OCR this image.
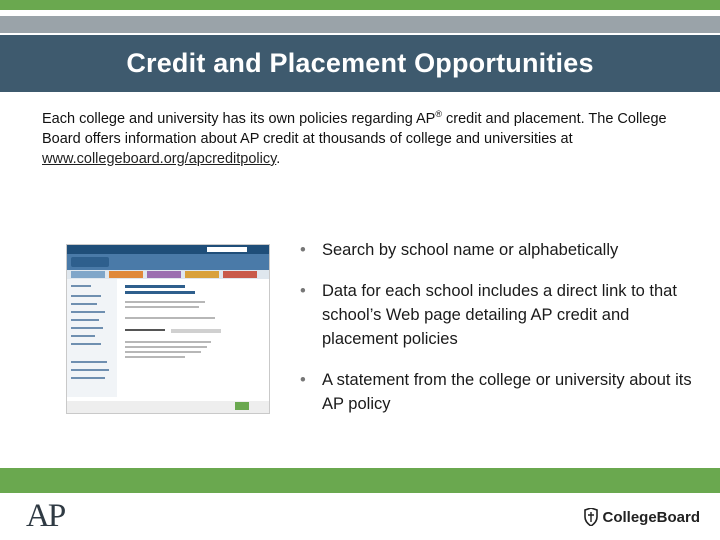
Credit and Placement Opportunities
Each college and university has its own policies regarding AP® credit and placement. The College Board offers information about AP credit at thousands of college and universities at www.collegeboard.org/apcreditpolicy.
• Search by school name or alphabetically
• Data for each school includes a direct link to that school’s Web page detailing AP credit and placement policies
• A statement from the college or university about its AP policy
AP	CollegeBoard
